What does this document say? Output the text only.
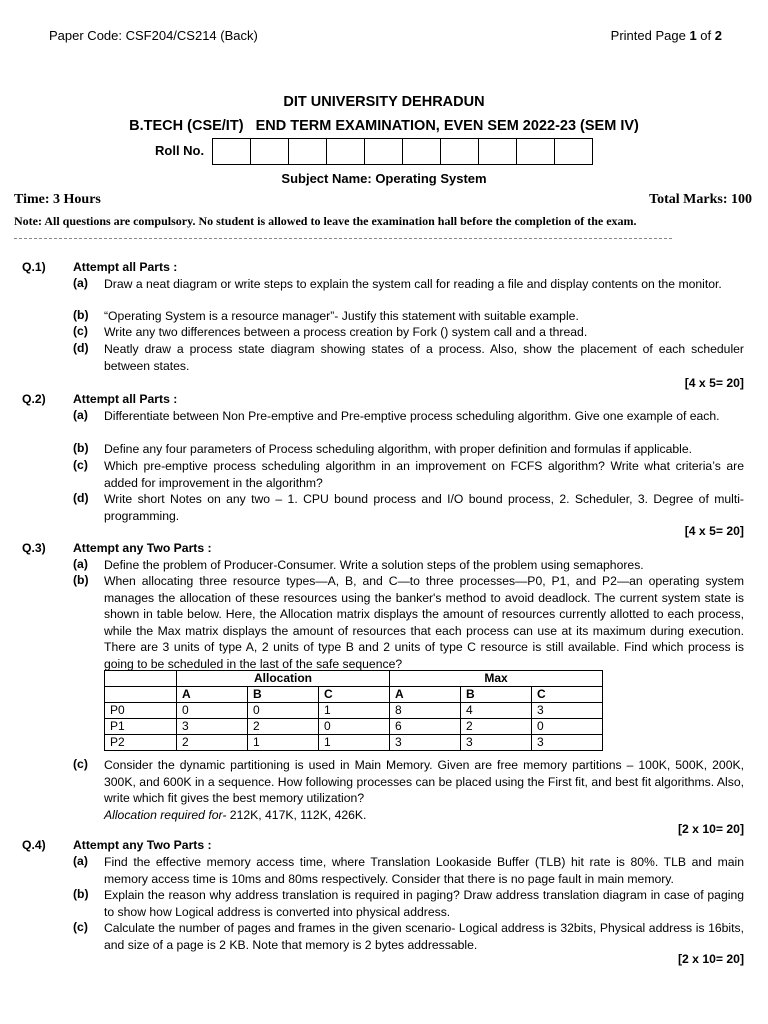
Paper Code: CSF204/CS214 (Back)	Printed Page 1 of 2
DIT UNIVERSITY DEHRADUN
B.TECH (CSE/IT)   END TERM EXAMINATION, EVEN SEM 2022-23 (SEM IV)
Roll No.
Subject Name: Operating System
Time: 3 Hours	Total Marks: 100
Note: All questions are compulsory. No student is allowed to leave the examination hall before the completion of the exam.
Q.1) Attempt all Parts :
(a) Draw a neat diagram or write steps to explain the system call for reading a file and display contents on the monitor.
(b) “Operating System is a resource manager”- Justify this statement with suitable example.
(c) Write any two differences between a process creation by Fork () system call and a thread.
(d) Neatly draw a process state diagram showing states of a process. Also, show the placement of each scheduler between states.
[4 x 5= 20]
Q.2) Attempt all Parts :
(a) Differentiate between Non Pre-emptive and Pre-emptive process scheduling algorithm. Give one example of each.
(b) Define any four parameters of Process scheduling algorithm, with proper definition and formulas if applicable.
(c) Which pre-emptive process scheduling algorithm in an improvement on FCFS algorithm? Write what criteria’s are added for improvement in the algorithm?
(d) Write short Notes on any two – 1. CPU bound process and I/O bound process, 2. Scheduler, 3. Degree of multi-programming.
[4 x 5= 20]
Q.3) Attempt any Two Parts :
(a) Define the problem of Producer-Consumer. Write a solution steps of the problem using semaphores.
(b) When allocating three resource types—A, B, and C—to three processes—P0, P1, and P2—an operating system manages the allocation of these resources using the banker's method to avoid deadlock. The current system state is shown in table below. Here, the Allocation matrix displays the amount of resources currently allotted to each process, while the Max matrix displays the amount of resources that each process can use at its maximum during execution. There are 3 units of type A, 2 units of type B and 2 units of type C resource is still available. Find which process is going to be scheduled in the last of the safe sequence?
	Allocation			Max		
	A	B	C	A	B	C
P0	0	0	1	8	4	3
P1	3	2	0	6	2	0
P2	2	1	1	3	3	3
(c) Consider the dynamic partitioning is used in Main Memory. Given are free memory partitions – 100K, 500K, 200K, 300K, and 600K in a sequence. How following processes can be placed using the First fit, and best fit algorithms. Also, write which fit gives the best memory utilization?
Allocation required for- 212K, 417K, 112K, 426K.
[2 x 10= 20]
Q.4) Attempt any Two Parts :
(a) Find the effective memory access time, where Translation Lookaside Buffer (TLB) hit rate is 80%. TLB and main memory access time is 10ms and 80ms respectively. Consider that there is no page fault in main memory.
(b) Explain the reason why address translation is required in paging? Draw address translation diagram in case of paging to show how Logical address is converted into physical address.
(c) Calculate the number of pages and frames in the given scenario- Logical address is 32bits, Physical address is 16bits, and size of a page is 2 KB. Note that memory is 2 bytes addressable.
[2 x 10= 20]
